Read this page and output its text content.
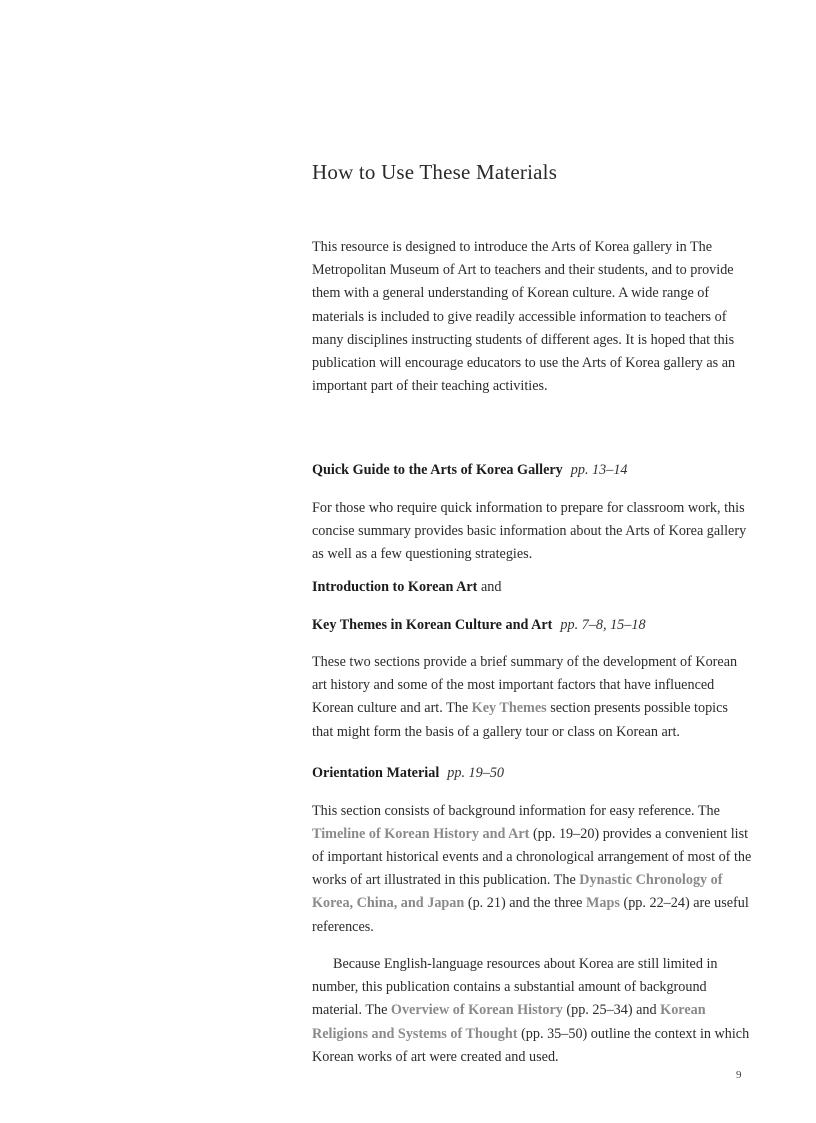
How to Use These Materials

This resource is designed to introduce the Arts of Korea gallery in The Metropolitan Museum of Art to teachers and their students, and to provide them with a general understanding of Korean culture. A wide range of materials is included to give readily accessible information to teachers of many disciplines instructing students of different ages. It is hoped that this publication will encourage educators to use the Arts of Korea gallery as an important part of their teaching activities.

Quick Guide to the Arts of Korea Gallery pp. 13–14

For those who require quick information to prepare for classroom work, this concise summary provides basic information about the Arts of Korea gallery as well as a few questioning strategies.

Introduction to Korean Art and

Key Themes in Korean Culture and Art pp. 7–8, 15–18

These two sections provide a brief summary of the development of Korean art history and some of the most important factors that have influenced Korean culture and art. The Key Themes section presents possible topics that might form the basis of a gallery tour or class on Korean art.

Orientation Material pp. 19–50

This section consists of background information for easy reference. The Timeline of Korean History and Art (pp. 19–20) provides a convenient list of important historical events and a chronological arrangement of most of the works of art illustrated in this publication. The Dynastic Chronology of Korea, China, and Japan (p. 21) and the three Maps (pp. 22–24) are useful references.

Because English-language resources about Korea are still limited in number, this publication contains a substantial amount of background material. The Overview of Korean History (pp. 25–34) and Korean Religions and Systems of Thought (pp. 35–50) outline the context in which Korean works of art were created and used.

9
